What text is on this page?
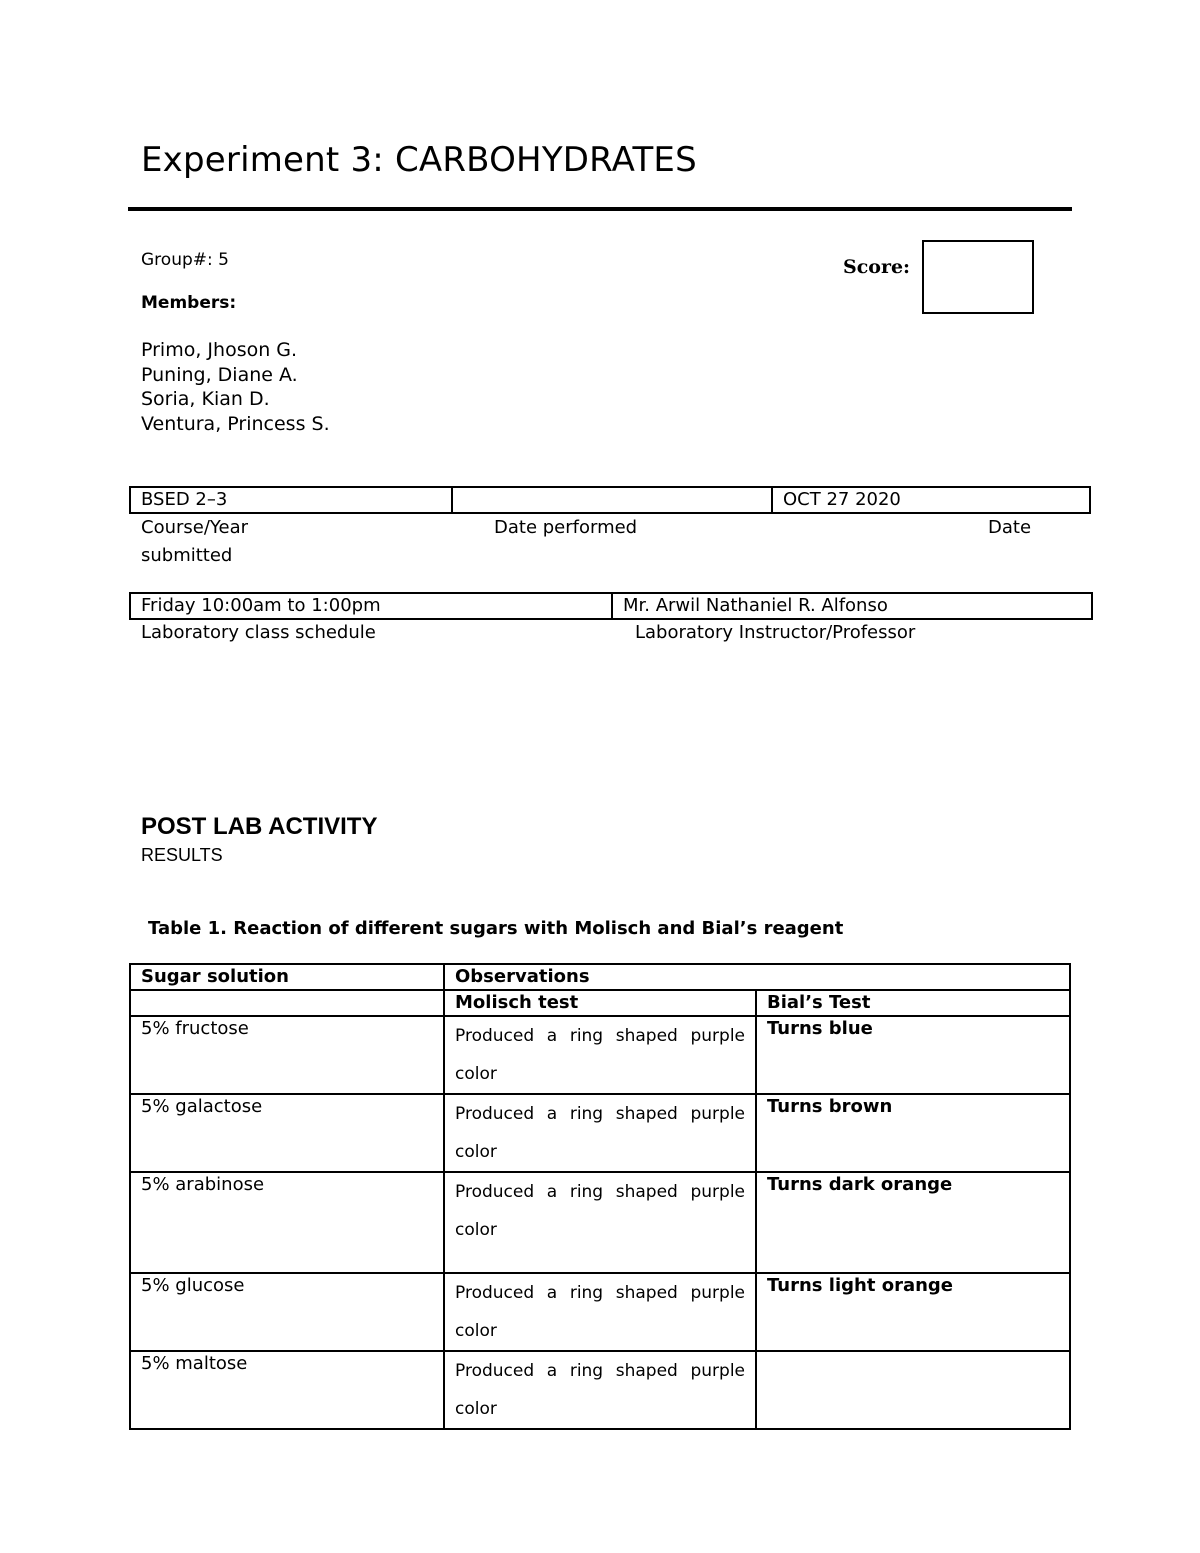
Experiment 3: CARBOHYDRATES
Group#: 5
Members:
Primo, Jhoson G.
Puning, Diane A.
Soria, Kian D.
Ventura, Princess S.
Score:
BSED 2–3		OCT 27 2020
Course/Year	Date performed	Date
submitted
Friday 10:00am to 1:00pm	Mr. Arwil Nathaniel R. Alfonso
Laboratory class schedule	Laboratory Instructor/Professor
POST LAB ACTIVITY
RESULTS
Table 1. Reaction of different sugars with Molisch and Bial’s reagent
Sugar solution	Observations	
	Molisch test	Bial’s Test
5% fructose	Produced a ring shaped purple color	Turns blue
5% galactose	Produced a ring shaped purple color	Turns brown
5% arabinose	Produced a ring shaped purple color	Turns dark orange
5% glucose	Produced a ring shaped purple color	Turns light orange
5% maltose	Produced a ring shaped purple color	
